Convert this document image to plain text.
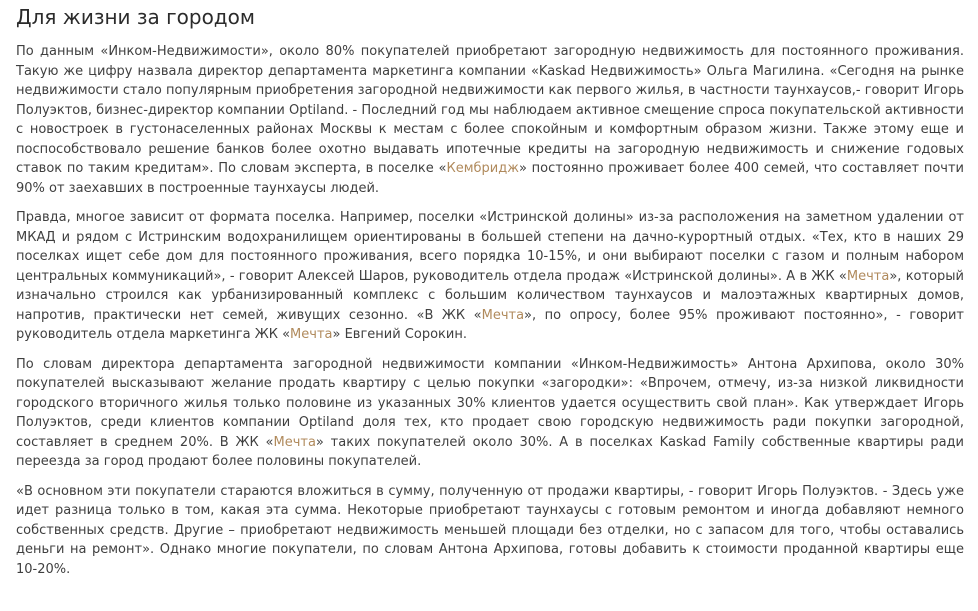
Для жизни за городом

По данным «Инком-Недвижимости», около 80% покупателей приобретают загородную недвижимость для постоянного проживания. Такую же цифру назвала директор департамента маркетинга компании «Kaskad Недвижимость» Ольга Магилина. «Сегодня на рынке недвижимости стало популярным приобретения загородной недвижимости как первого жилья, в частности таунхаусов,- говорит Игорь Полуэктов, бизнес-директор компании Optiland. - Последний год мы наблюдаем активное смещение спроса покупательской активности с новостроек в густонаселенных районах Москвы к местам с более спокойным и комфортным образом жизни. Также этому еще и поспособствовало решение банков более охотно выдавать ипотечные кредиты на загородную недвижимость и снижение годовых ставок по таким кредитам». По словам эксперта, в поселке «Кембридж» постоянно проживает более 400 семей, что составляет почти 90% от заехавших в построенные таунхаусы людей.

Правда, многое зависит от формата поселка. Например, поселки «Истринской долины» из-за расположения на заметном удалении от МКАД и рядом с Истринским водохранилищем ориентированы в большей степени на дачно-курортный отдых. «Тех, кто в наших 29 поселках ищет себе дом для постоянного проживания, всего порядка 10-15%, и они выбирают поселки с газом и полным набором центральных коммуникаций», - говорит Алексей Шаров, руководитель отдела продаж «Истринской долины». А в ЖК «Мечта», который изначально строился как урбанизированный комплекс с большим количеством таунхаусов и малоэтажных квартирных домов, напротив, практически нет семей, живущих сезонно. «В ЖК «Мечта», по опросу, более 95% проживают постоянно», - говорит руководитель отдела маркетинга ЖК «Мечта» Евгений Сорокин.

По словам директора департамента загородной недвижимости компании «Инком-Недвижимость» Антона Архипова, около 30% покупателей высказывают желание продать квартиру с целью покупки «загородки»: «Впрочем, отмечу, из-за низкой ликвидности городского вторичного жилья только половине из указанных 30% клиентов удается осуществить свой план». Как утверждает Игорь Полуэктов, среди клиентов компании Optiland доля тех, кто продает свою городскую недвижимость ради покупки загородной, составляет в среднем 20%. В ЖК «Мечта» таких покупателей около 30%. А в поселках Kaskad Family собственные квартиры ради переезда за город продают более половины покупателей.

«В основном эти покупатели стараются вложиться в сумму, полученную от продажи квартиры, - говорит Игорь Полуэктов. - Здесь уже идет разница только в том, какая эта сумма. Некоторые приобретают таунхаусы с готовым ремонтом и иногда добавляют немного собственных средств. Другие – приобретают недвижимость меньшей площади без отделки, но с запасом для того, чтобы оставались деньги на ремонт». Однако многие покупатели, по словам Антона Архипова, готовы добавить к стоимости проданной квартиры еще 10-20%.
